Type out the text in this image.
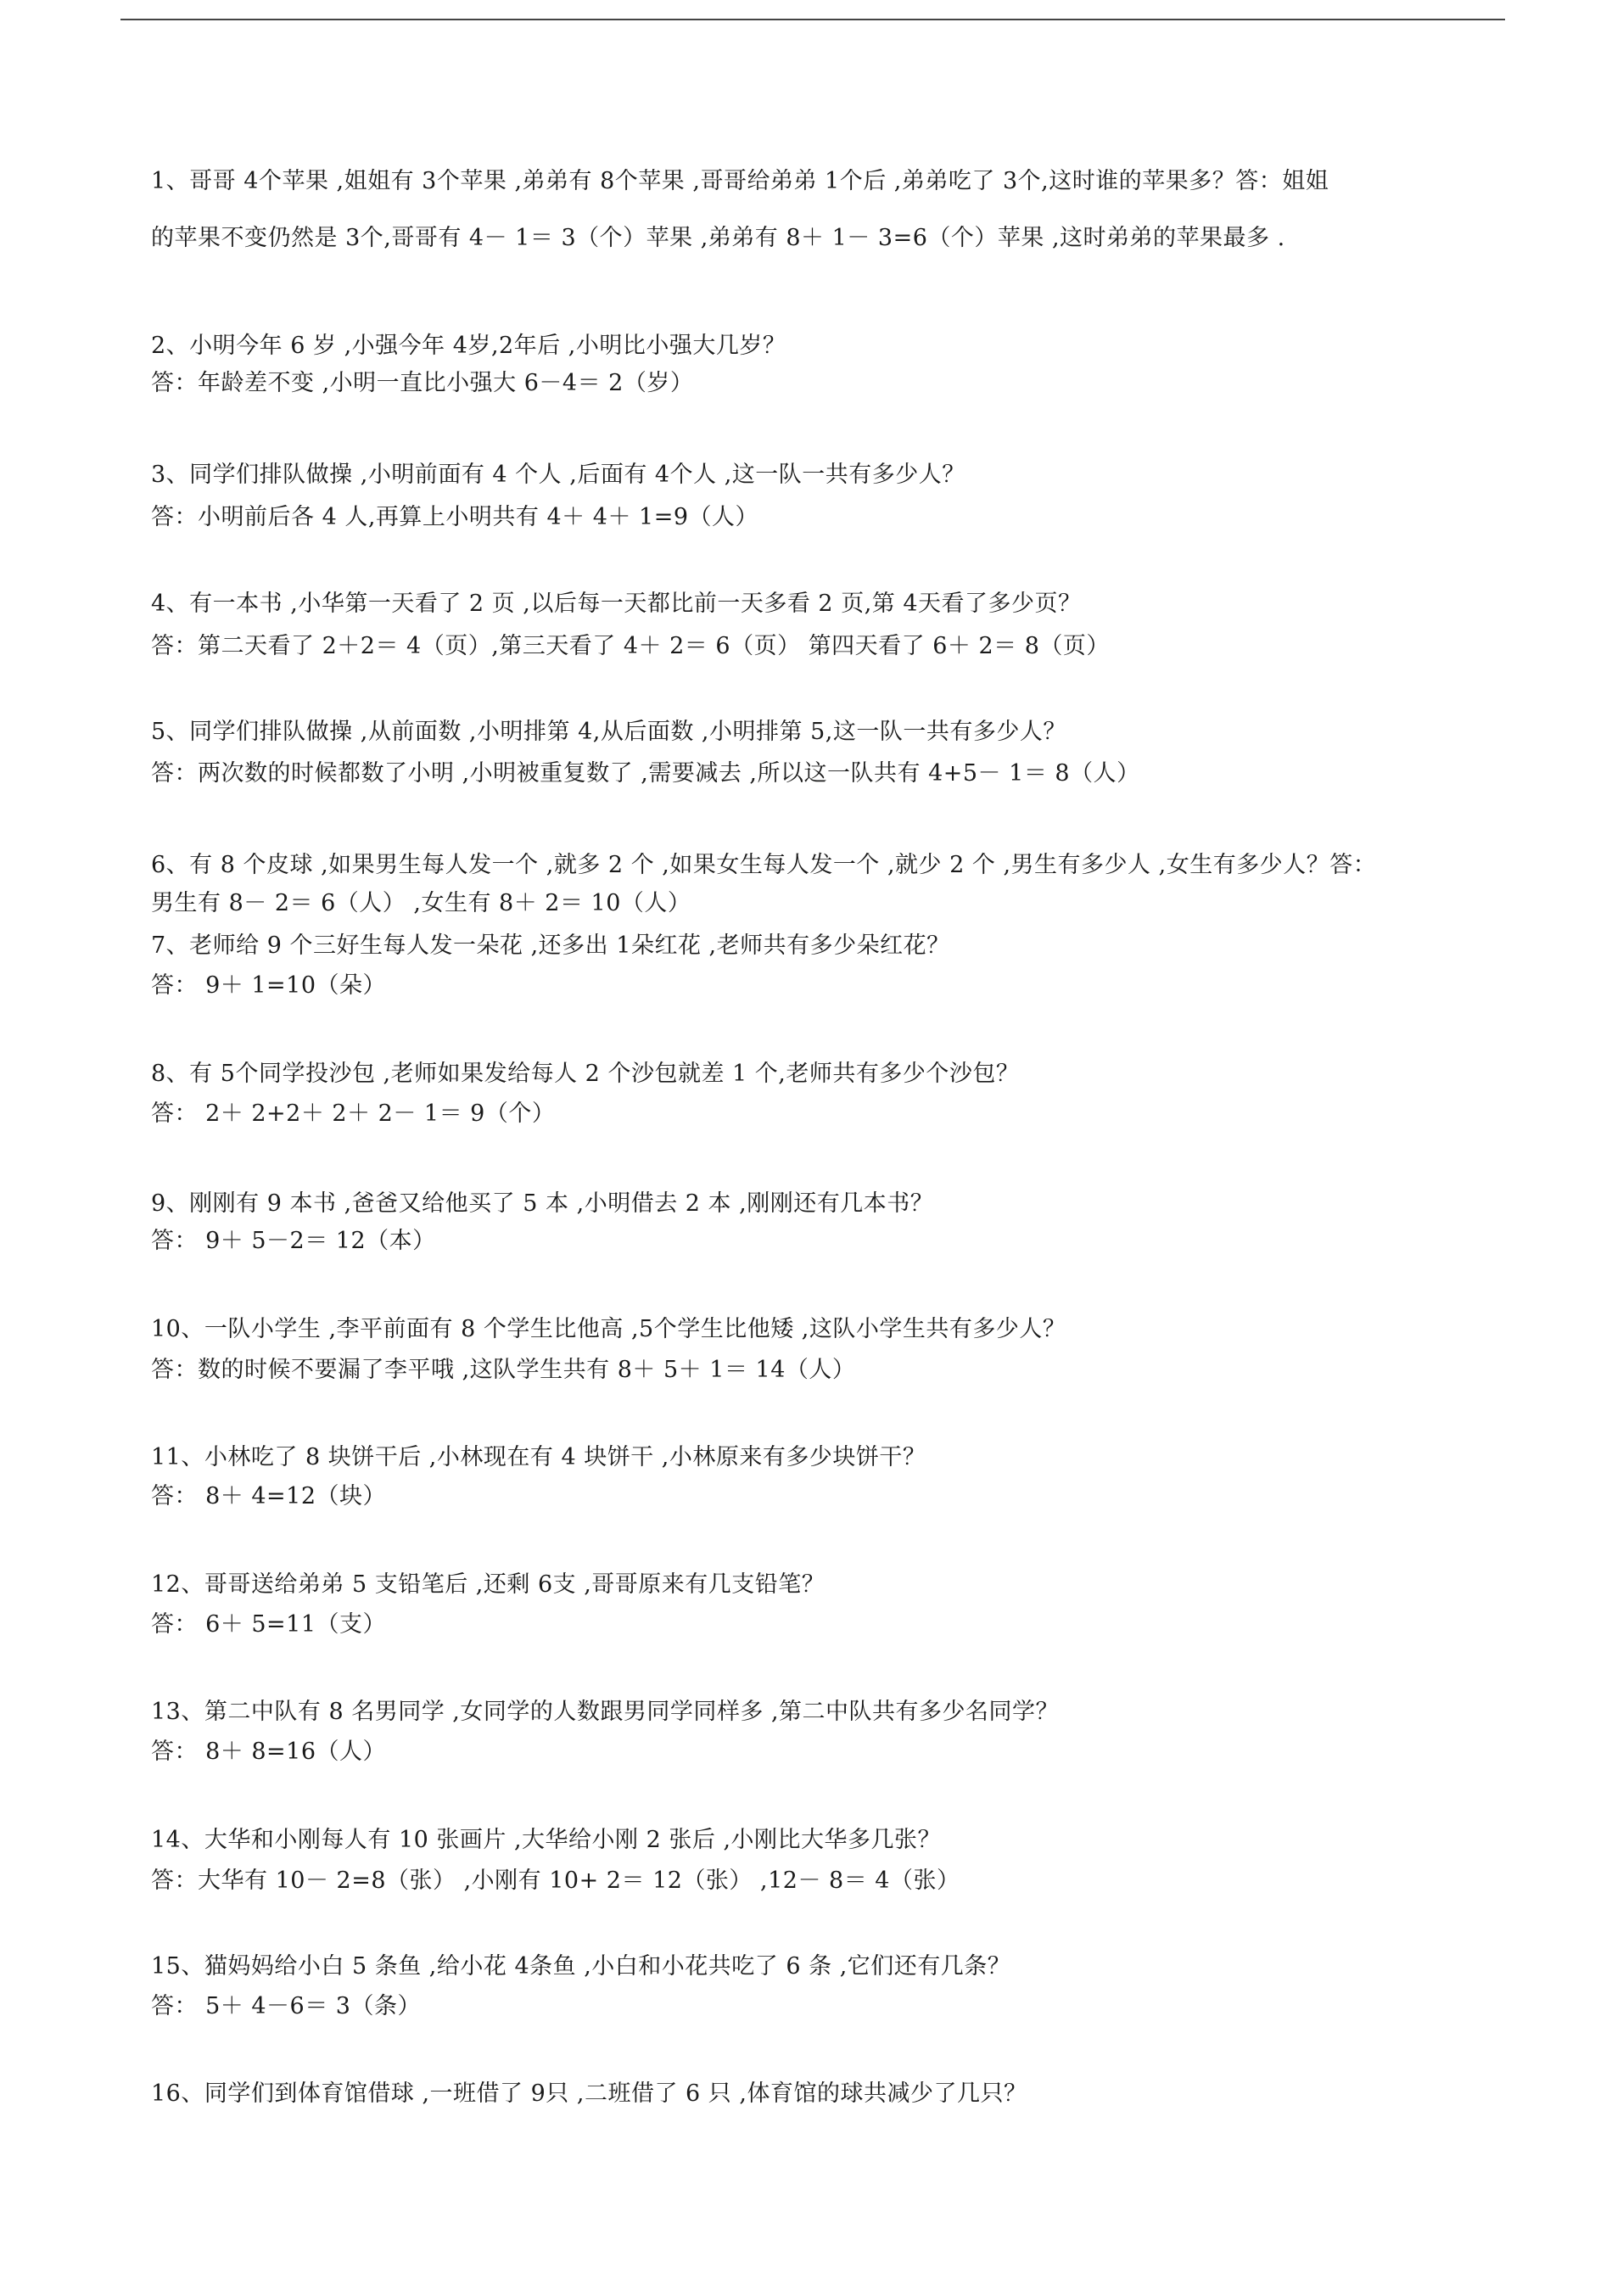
1、哥哥 4个苹果 ,姐姐有 3个苹果 ,弟弟有 8个苹果 ,哥哥给弟弟 1个后 ,弟弟吃了 3个,这时谁的苹果多？答：姐姐
的苹果不变仍然是 3个,哥哥有 4－ 1＝ 3（个）苹果 ,弟弟有 8＋ 1－ 3=6（个）苹果 ,这时弟弟的苹果最多 .
2、小明今年 6 岁 ,小强今年 4岁,2年后 ,小明比小强大几岁？
答：年龄差不变 ,小明一直比小强大 6－4＝ 2（岁）
3、同学们排队做操 ,小明前面有 4 个人 ,后面有 4个人 ,这一队一共有多少人？
答：小明前后各 4 人,再算上小明共有 4＋ 4＋ 1=9（人）
4、有一本书 ,小华第一天看了 2 页 ,以后每一天都比前一天多看 2 页,第 4天看了多少页？
答：第二天看了 2＋2＝ 4（页）,第三天看了 4＋ 2＝ 6（页） 第四天看了 6＋ 2＝ 8（页）
5、同学们排队做操 ,从前面数 ,小明排第 4,从后面数 ,小明排第 5,这一队一共有多少人？
答：两次数的时候都数了小明 ,小明被重复数了 ,需要减去 ,所以这一队共有 4+5－ 1＝ 8（人）
6、有 8 个皮球 ,如果男生每人发一个 ,就多 2 个 ,如果女生每人发一个 ,就少 2 个 ,男生有多少人 ,女生有多少人？答：
男生有 8－ 2＝ 6（人） ,女生有 8＋ 2＝ 10（人）
7、老师给 9 个三好生每人发一朵花 ,还多出 1朵红花 ,老师共有多少朵红花？
答： 9＋ 1=10（朵）
8、有 5个同学投沙包 ,老师如果发给每人 2 个沙包就差 1 个,老师共有多少个沙包？
答： 2＋ 2+2＋ 2＋ 2－ 1＝ 9（个）
9、刚刚有 9 本书 ,爸爸又给他买了 5 本 ,小明借去 2 本 ,刚刚还有几本书？
答： 9＋ 5－2＝ 12（本）
10、一队小学生 ,李平前面有 8 个学生比他高 ,5个学生比他矮 ,这队小学生共有多少人？
答：数的时候不要漏了李平哦 ,这队学生共有 8＋ 5＋ 1＝ 14（人）
11、小林吃了 8 块饼干后 ,小林现在有 4 块饼干 ,小林原来有多少块饼干？
答： 8＋ 4=12（块）
12、哥哥送给弟弟 5 支铅笔后 ,还剩 6支 ,哥哥原来有几支铅笔？
答： 6＋ 5=11（支）
13、第二中队有 8 名男同学 ,女同学的人数跟男同学同样多 ,第二中队共有多少名同学？
答： 8＋ 8=16（人）
14、大华和小刚每人有 10 张画片 ,大华给小刚 2 张后 ,小刚比大华多几张？
答：大华有 10－ 2=8（张） ,小刚有 10+ 2＝ 12（张） ,12－ 8＝ 4（张）
15、猫妈妈给小白 5 条鱼 ,给小花 4条鱼 ,小白和小花共吃了 6 条 ,它们还有几条？
答： 5＋ 4－6＝ 3（条）
16、同学们到体育馆借球 ,一班借了 9只 ,二班借了 6 只 ,体育馆的球共减少了几只？
